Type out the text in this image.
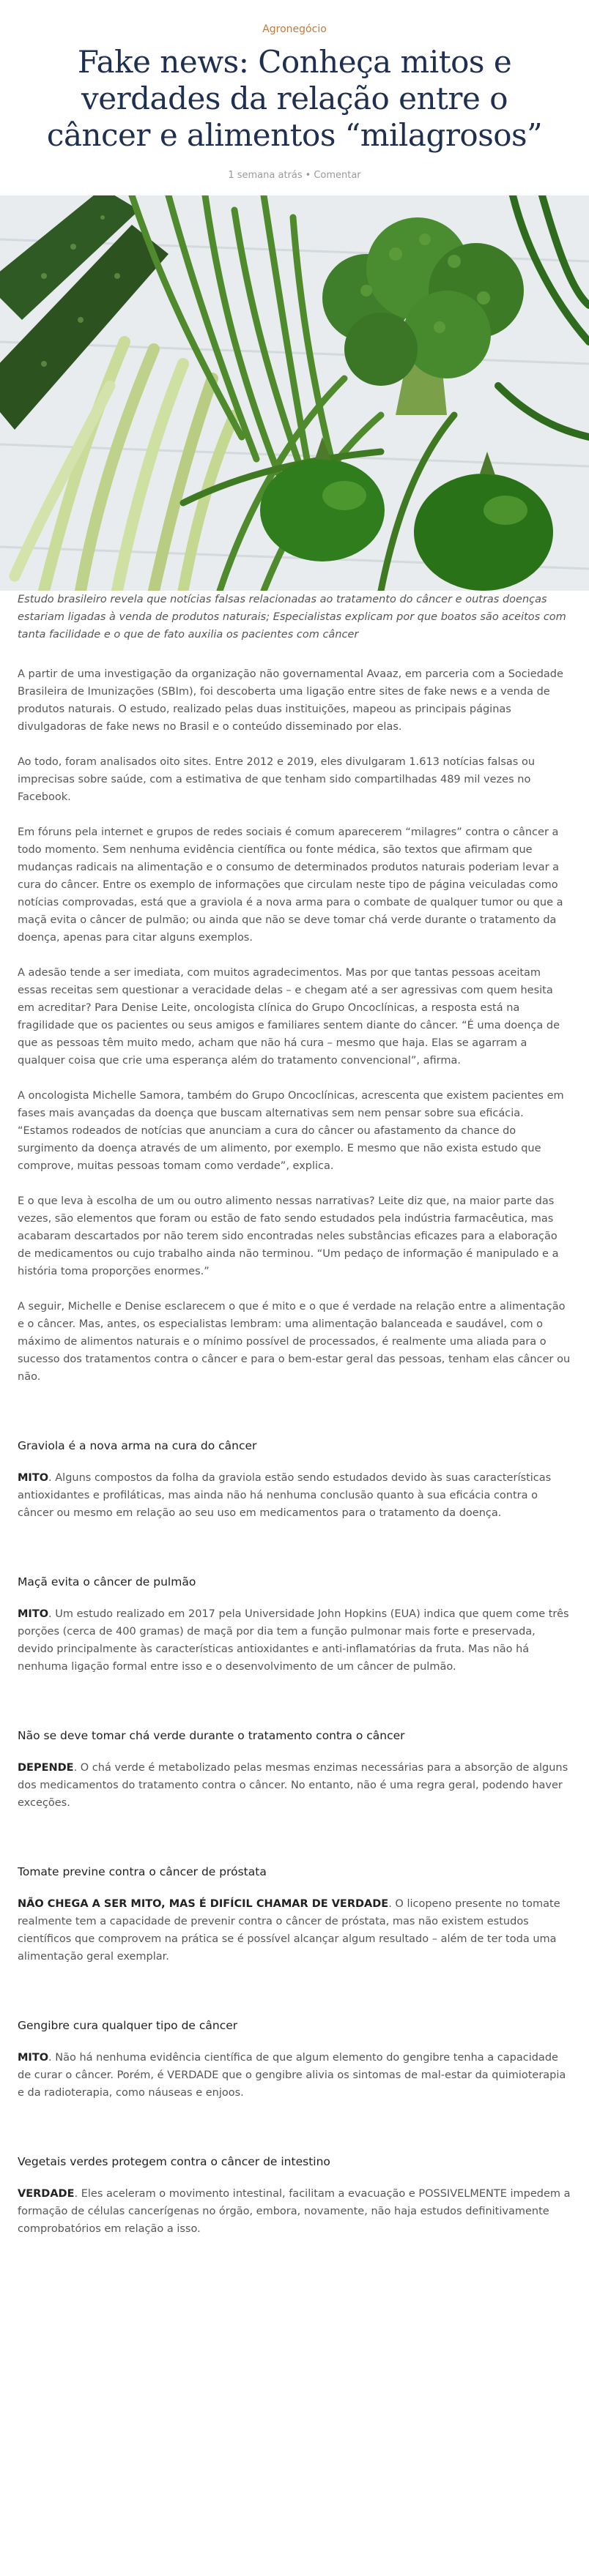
Agronegócio
Fake news: Conheça mitos e verdades da relação entre o câncer e alimentos “milagrosos”
1 semana atrás • Comentar

Estudo brasileiro revela que notícias falsas relacionadas ao tratamento do câncer e outras doenças estariam ligadas à venda de produtos naturais; Especialistas explicam por que boatos são aceitos com tanta facilidade e o que de fato auxilia os pacientes com câncer

A partir de uma investigação da organização não governamental Avaaz, em parceria com a Sociedade Brasileira de Imunizações (SBIm), foi descoberta uma ligação entre sites de fake news e a venda de produtos naturais. O estudo, realizado pelas duas instituições, mapeou as principais páginas divulgadoras de fake news no Brasil e o conteúdo disseminado por elas.

Ao todo, foram analisados oito sites. Entre 2012 e 2019, eles divulgaram 1.613 notícias falsas ou imprecisas sobre saúde, com a estimativa de que tenham sido compartilhadas 489 mil vezes no Facebook.

Em fóruns pela internet e grupos de redes sociais é comum aparecerem “milagres” contra o câncer a todo momento. Sem nenhuma evidência científica ou fonte médica, são textos que afirmam que mudanças radicais na alimentação e o consumo de determinados produtos naturais poderiam levar a cura do câncer. Entre os exemplo de informações que circulam neste tipo de página veiculadas como notícias comprovadas, está que a graviola é a nova arma para o combate de qualquer tumor ou que a maçã evita o câncer de pulmão; ou ainda que não se deve tomar chá verde durante o tratamento da doença, apenas para citar alguns exemplos.

A adesão tende a ser imediata, com muitos agradecimentos. Mas por que tantas pessoas aceitam essas receitas sem questionar a veracidade delas – e chegam até a ser agressivas com quem hesita em acreditar? Para Denise Leite, oncologista clínica do Grupo Oncoclínicas, a resposta está na fragilidade que os pacientes ou seus amigos e familiares sentem diante do câncer. “É uma doença de que as pessoas têm muito medo, acham que não há cura – mesmo que haja. Elas se agarram a qualquer coisa que crie uma esperança além do tratamento convencional”, afirma.

A oncologista Michelle Samora, também do Grupo Oncoclínicas, acrescenta que existem pacientes em fases mais avançadas da doença que buscam alternativas sem nem pensar sobre sua eficácia. “Estamos rodeados de notícias que anunciam a cura do câncer ou afastamento da chance do surgimento da doença através de um alimento, por exemplo. E mesmo que não exista estudo que comprove, muitas pessoas tomam como verdade”, explica.

E o que leva à escolha de um ou outro alimento nessas narrativas? Leite diz que, na maior parte das vezes, são elementos que foram ou estão de fato sendo estudados pela indústria farmacêutica, mas acabaram descartados por não terem sido encontradas neles substâncias eficazes para a elaboração de medicamentos ou cujo trabalho ainda não terminou. “Um pedaço de informação é manipulado e a história toma proporções enormes.”

A seguir, Michelle e Denise esclarecem o que é mito e o que é verdade na relação entre a alimentação e o câncer. Mas, antes, os especialistas lembram: uma alimentação balanceada e saudável, com o máximo de alimentos naturais e o mínimo possível de processados, é realmente uma aliada para o sucesso dos tratamentos contra o câncer e para o bem-estar geral das pessoas, tenham elas câncer ou não.

Graviola é a nova arma na cura do câncer

MITO. Alguns compostos da folha da graviola estão sendo estudados devido às suas características antioxidantes e profiláticas, mas ainda não há nenhuma conclusão quanto à sua eficácia contra o câncer ou mesmo em relação ao seu uso em medicamentos para o tratamento da doença.

Maçã evita o câncer de pulmão

MITO. Um estudo realizado em 2017 pela Universidade John Hopkins (EUA) indica que quem come três porções (cerca de 400 gramas) de maçã por dia tem a função pulmonar mais forte e preservada, devido principalmente às características antioxidantes e anti-inflamatórias da fruta. Mas não há nenhuma ligação formal entre isso e o desenvolvimento de um câncer de pulmão.

Não se deve tomar chá verde durante o tratamento contra o câncer

DEPENDE. O chá verde é metabolizado pelas mesmas enzimas necessárias para a absorção de alguns dos medicamentos do tratamento contra o câncer. No entanto, não é uma regra geral, podendo haver exceções.

Tomate previne contra o câncer de próstata

NÃO CHEGA A SER MITO, MAS É DIFÍCIL CHAMAR DE VERDADE. O licopeno presente no tomate realmente tem a capacidade de prevenir contra o câncer de próstata, mas não existem estudos científicos que comprovem na prática se é possível alcançar algum resultado – além de ter toda uma alimentação geral exemplar.

Gengibre cura qualquer tipo de câncer

MITO. Não há nenhuma evidência científica de que algum elemento do gengibre tenha a capacidade de curar o câncer. Porém, é VERDADE que o gengibre alivia os sintomas de mal-estar da quimioterapia e da radioterapia, como náuseas e enjoos.

Vegetais verdes protegem contra o câncer de intestino

VERDADE. Eles aceleram o movimento intestinal, facilitam a evacuação e POSSIVELMENTE impedem a formação de células cancerígenas no órgão, embora, novamente, não haja estudos definitivamente comprobatórios em relação a isso.
